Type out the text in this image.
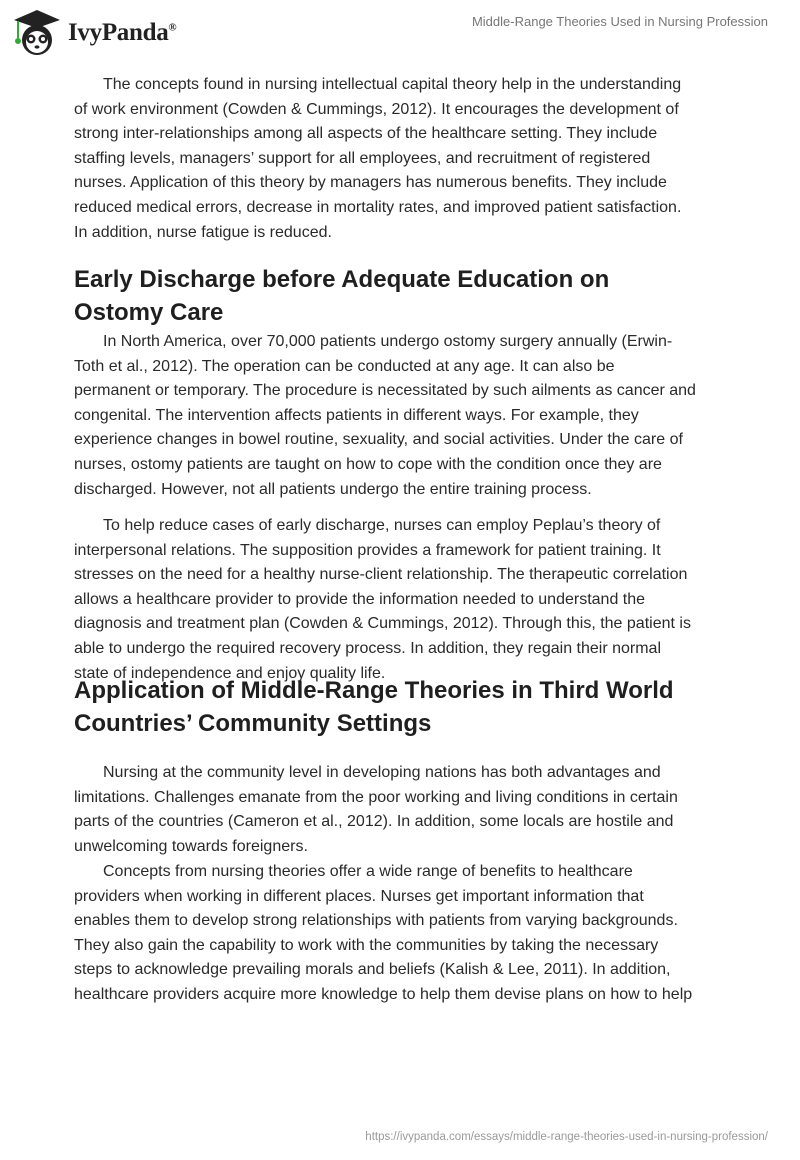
IvyPanda®	Middle-Range Theories Used in Nursing Profession
The concepts found in nursing intellectual capital theory help in the understanding
of work environment (Cowden & Cummings, 2012). It encourages the development of
strong inter-relationships among all aspects of the healthcare setting. They include
staffing levels, managers’ support for all employees, and recruitment of registered
nurses. Application of this theory by managers has numerous benefits. They include
reduced medical errors, decrease in mortality rates, and improved patient satisfaction.
In addition, nurse fatigue is reduced.
Early Discharge before Adequate Education on
Ostomy Care
In North America, over 70,000 patients undergo ostomy surgery annually (Erwin-
Toth et al., 2012). The operation can be conducted at any age. It can also be
permanent or temporary. The procedure is necessitated by such ailments as cancer and
congenital. The intervention affects patients in different ways. For example, they
experience changes in bowel routine, sexuality, and social activities. Under the care of
nurses, ostomy patients are taught on how to cope with the condition once they are
discharged. However, not all patients undergo the entire training process.
To help reduce cases of early discharge, nurses can employ Peplau’s theory of
interpersonal relations. The supposition provides a framework for patient training. It
stresses on the need for a healthy nurse-client relationship. The therapeutic correlation
allows a healthcare provider to provide the information needed to understand the
diagnosis and treatment plan (Cowden & Cummings, 2012). Through this, the patient is
able to undergo the required recovery process. In addition, they regain their normal
state of independence and enjoy quality life.
Application of Middle-Range Theories in Third World
Countries’ Community Settings
Nursing at the community level in developing nations has both advantages and
limitations. Challenges emanate from the poor working and living conditions in certain
parts of the countries (Cameron et al., 2012). In addition, some locals are hostile and
unwelcoming towards foreigners.
Concepts from nursing theories offer a wide range of benefits to healthcare
providers when working in different places. Nurses get important information that
enables them to develop strong relationships with patients from varying backgrounds.
They also gain the capability to work with the communities by taking the necessary
steps to acknowledge prevailing morals and beliefs (Kalish & Lee, 2011). In addition,
healthcare providers acquire more knowledge to help them devise plans on how to help
https://ivypanda.com/essays/middle-range-theories-used-in-nursing-profession/
